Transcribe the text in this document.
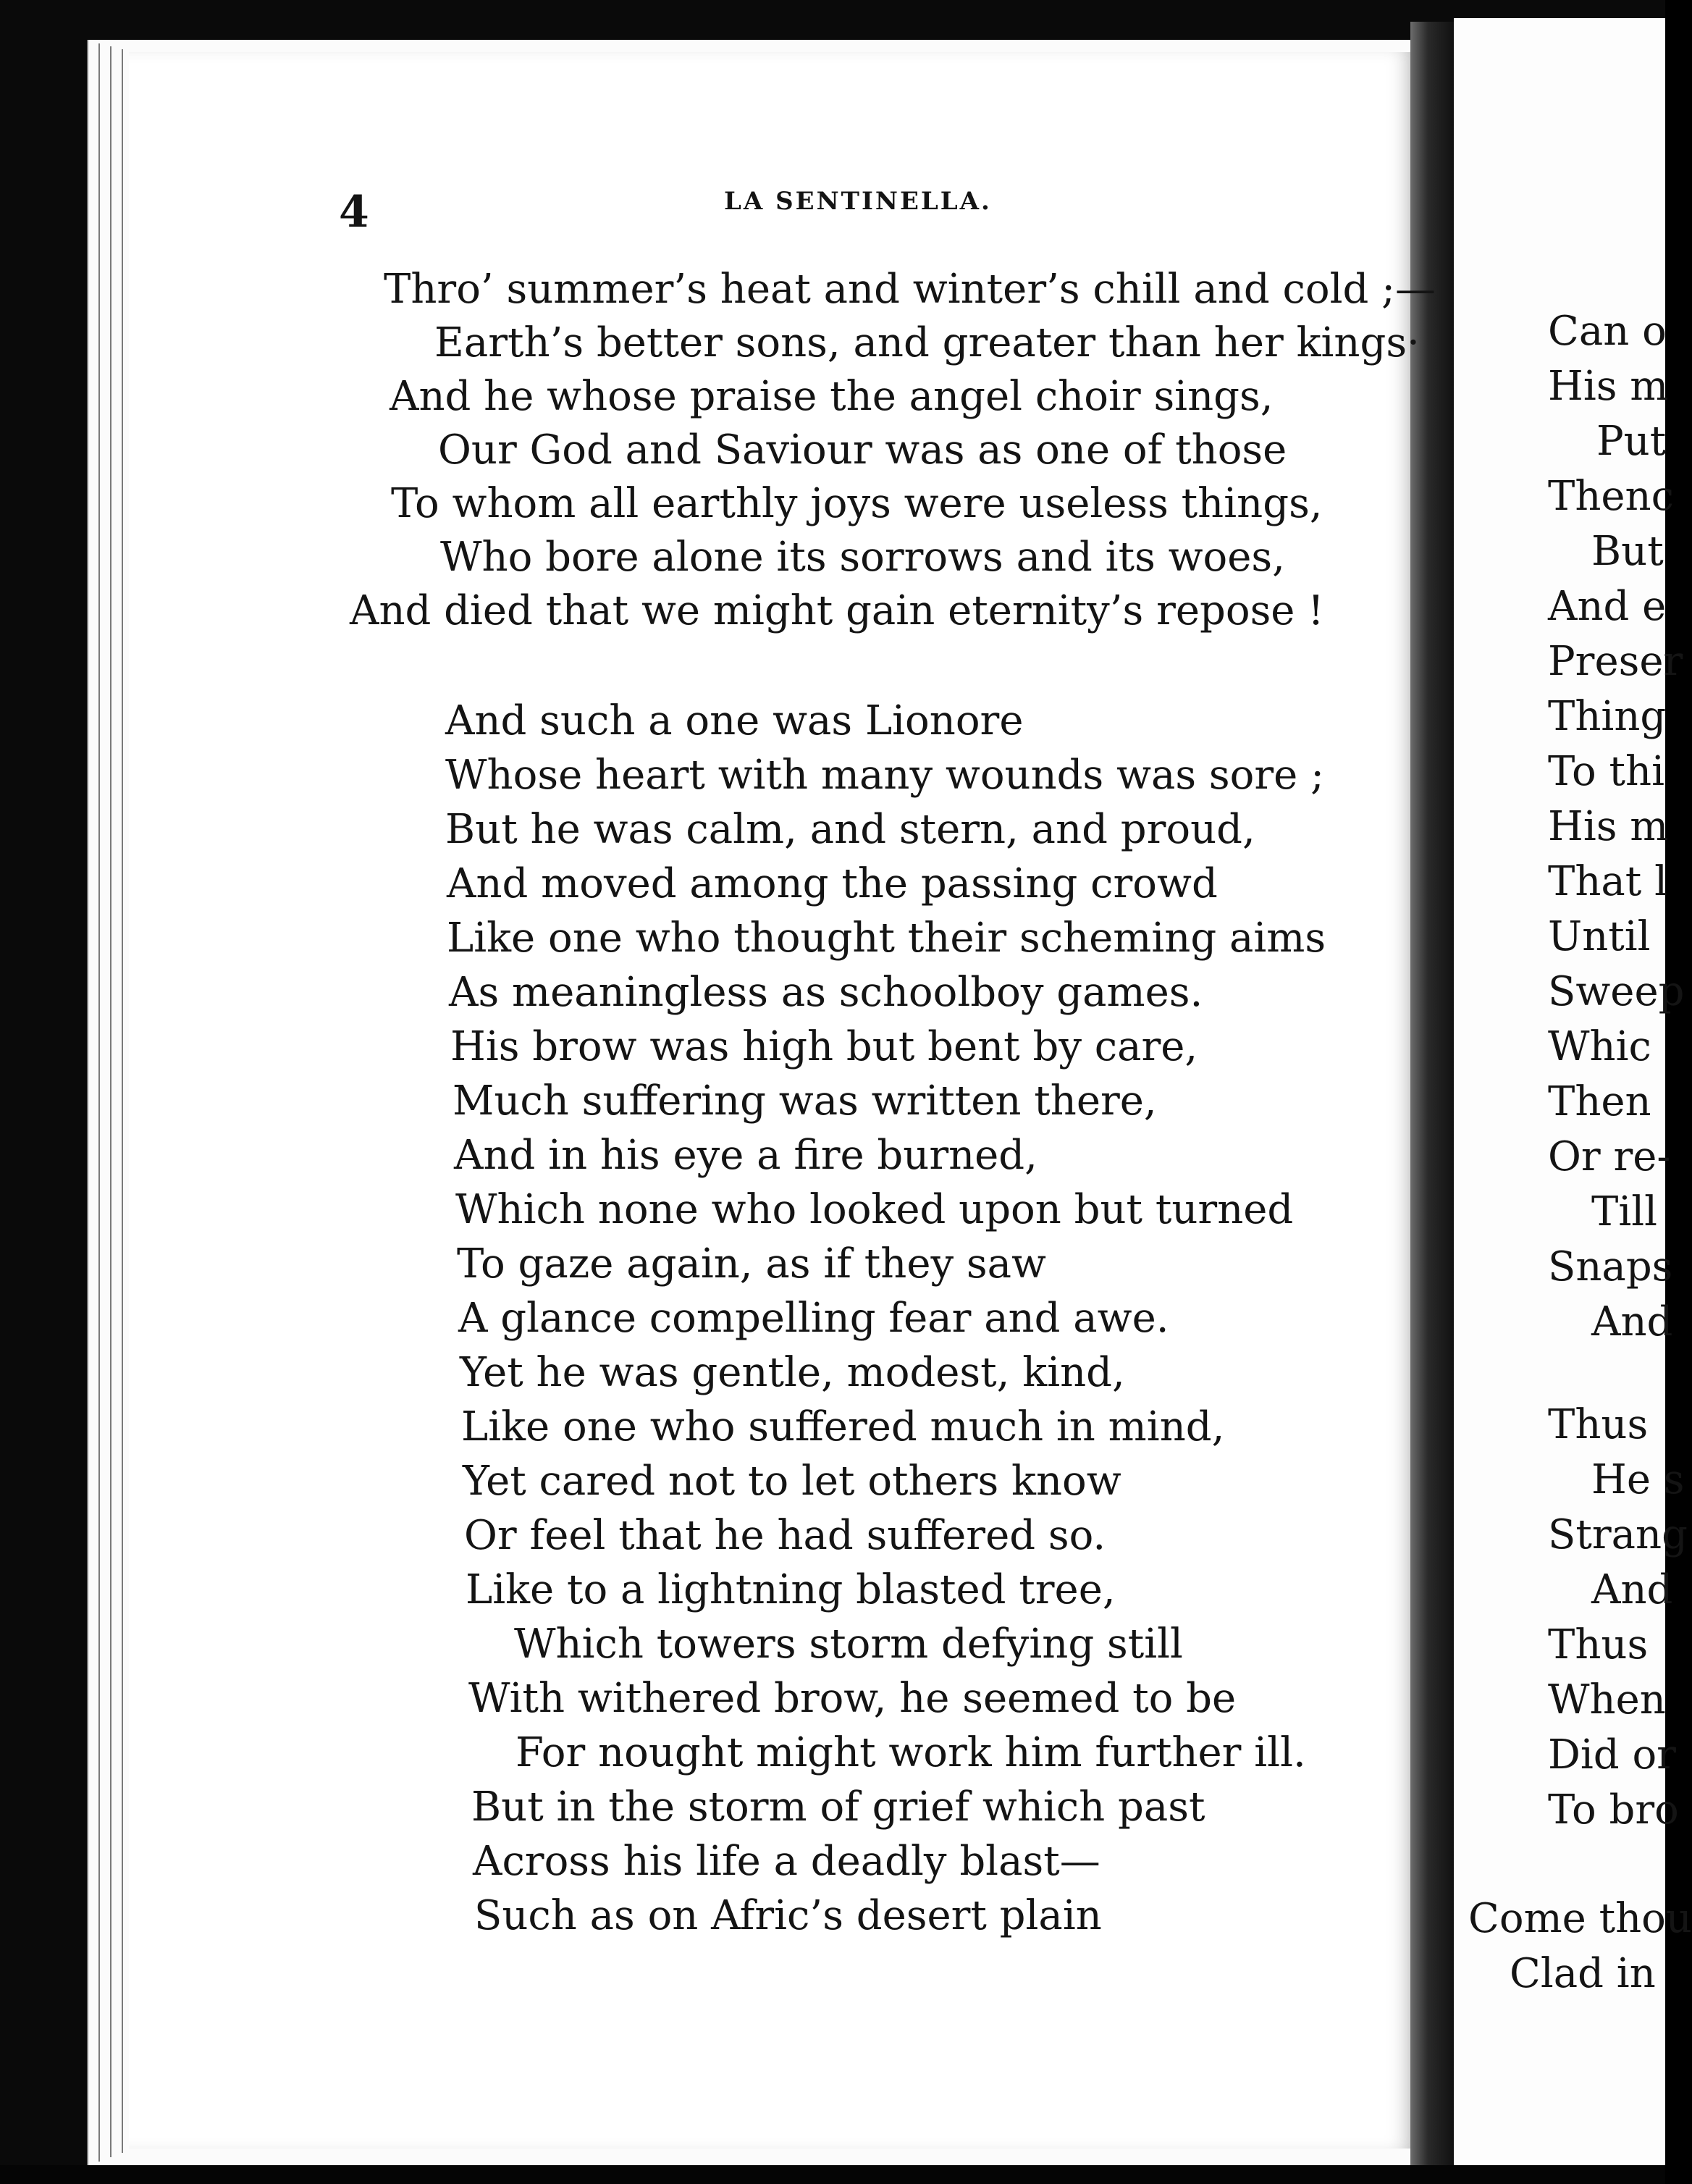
4	LA SENTINELLA.

Thro’ summer’s heat and winter’s chill and cold ;—

Earth’s better sons, and greater than her kings·

And he whose praise the angel choir sings,

Our God and Saviour was as one of those

To whom all earthly joys were useless things,

Who bore alone its sorrows and its woes,

And died that we might gain eternity’s repose !

And such a one was Lionore

Whose heart with many wounds was sore ;

But he was calm, and stern, and proud,

And moved among the passing crowd

Like one who thought their scheming aims

As meaningless as schoolboy games.

His brow was high but bent by care,

Much suffering was written there,

And in his eye a fire burned,

Which none who looked upon but turned

To gaze again, as if they saw

A glance compelling fear and awe.

Yet he was gentle, modest, kind,

Like one who suffered much in mind,

Yet cared not to let others know

Or feel that he had suffered so.

Like to a lightning blasted tree,

Which towers storm defying still

With withered brow, he seemed to be

For nought might work him further ill.

But in the storm of grief which past

Across his life a deadly blast—

Such as on Afric’s desert plain

Can o
His m
Put
Thenc
But
And e
Preser
Thing
To thi
His m
That l
Until
Sweep
Whic
Then
Or re-
Till
Snaps
And
Thus
He s
Strang
And
Thus
When
Did or
To bro
Come thou
Clad in
